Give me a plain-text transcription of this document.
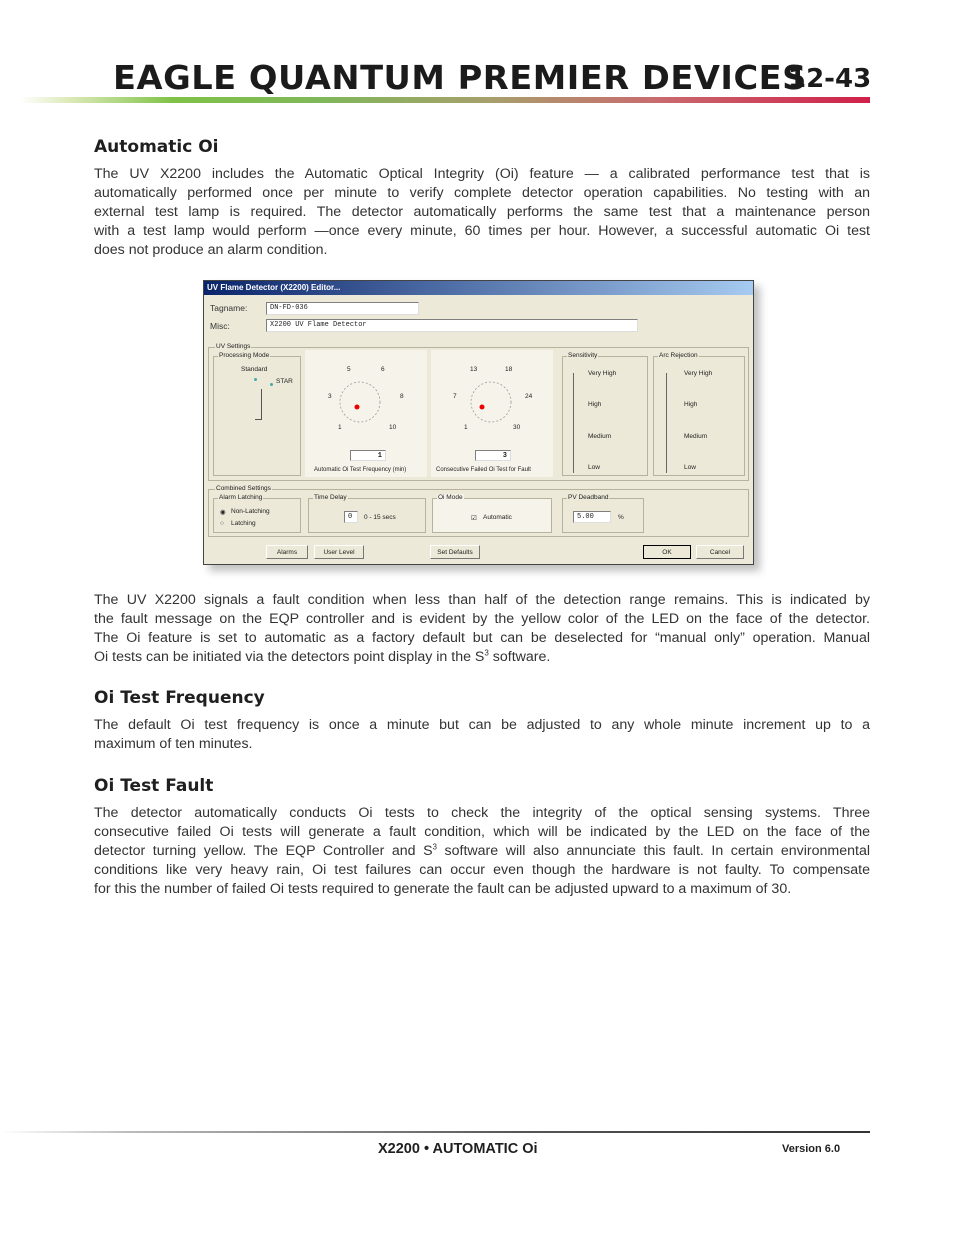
EAGLE QUANTUM PREMIER DEVICES
12-43
Automatic Oi
The UV X2200 includes the Automatic Optical Integrity (Oi) feature — a calibrated performance test that is
automatically performed once per minute to verify complete detector operation capabilities. No testing with an
external test lamp is required. The detector automatically performs the same test that a maintenance person
with a test lamp would perform —once every minute, 60 times per hour. However, a successful automatic Oi test
does not produce an alarm condition.
UV Flame Detector (X2200) Editor...
Tagname:	DN-FD-036
Misc:	X2200 UV Flame Detector
UV Settings
Processing Mode
Standard
STAR
5	6
3	8
1	10
1
Automatic Oi Test Frequency (min)
13	18
7	24
1	30
3
Consecutive Failed Oi Test for Fault
Sensitivity
Very High
High
Medium
Low
Arc Rejection
Very High
High
Medium
Low
Combined Settings
Alarm Latching
◉ Non-Latching
○ Latching
Time Delay
0	0 - 15 secs
Oi Mode
☑ Automatic
PV Deadband
5.00	%
Alarms	User Level	Set Defaults	OK	Cancel
The UV X2200 signals a fault condition when less than half of the detection range remains. This is indicated by
the fault message on the EQP controller and is evident by the yellow color of the LED on the face of the detector.
The Oi feature is set to automatic as a factory default but can be deselected for “manual only” operation. Manual
Oi tests can be initiated via the detectors point display in the $S^3$ software.
Oi Test Frequency
The default Oi test frequency is once a minute but can be adjusted to any whole minute increment up to a
maximum of ten minutes.
Oi Test Fault
The detector automatically conducts Oi tests to check the integrity of the optical sensing systems. Three
consecutive failed Oi tests will generate a fault condition, which will be indicated by the LED on the face of the
detector turning yellow. The EQP Controller and $S^3$ software will also annunciate this fault. In certain environmental
conditions like very heavy rain, Oi test failures can occur even though the hardware is not faulty. To compensate
for this the number of failed Oi tests required to generate the fault can be adjusted upward to a maximum of 30.
X2200 • AUTOMATIC Oi	Version 6.0
